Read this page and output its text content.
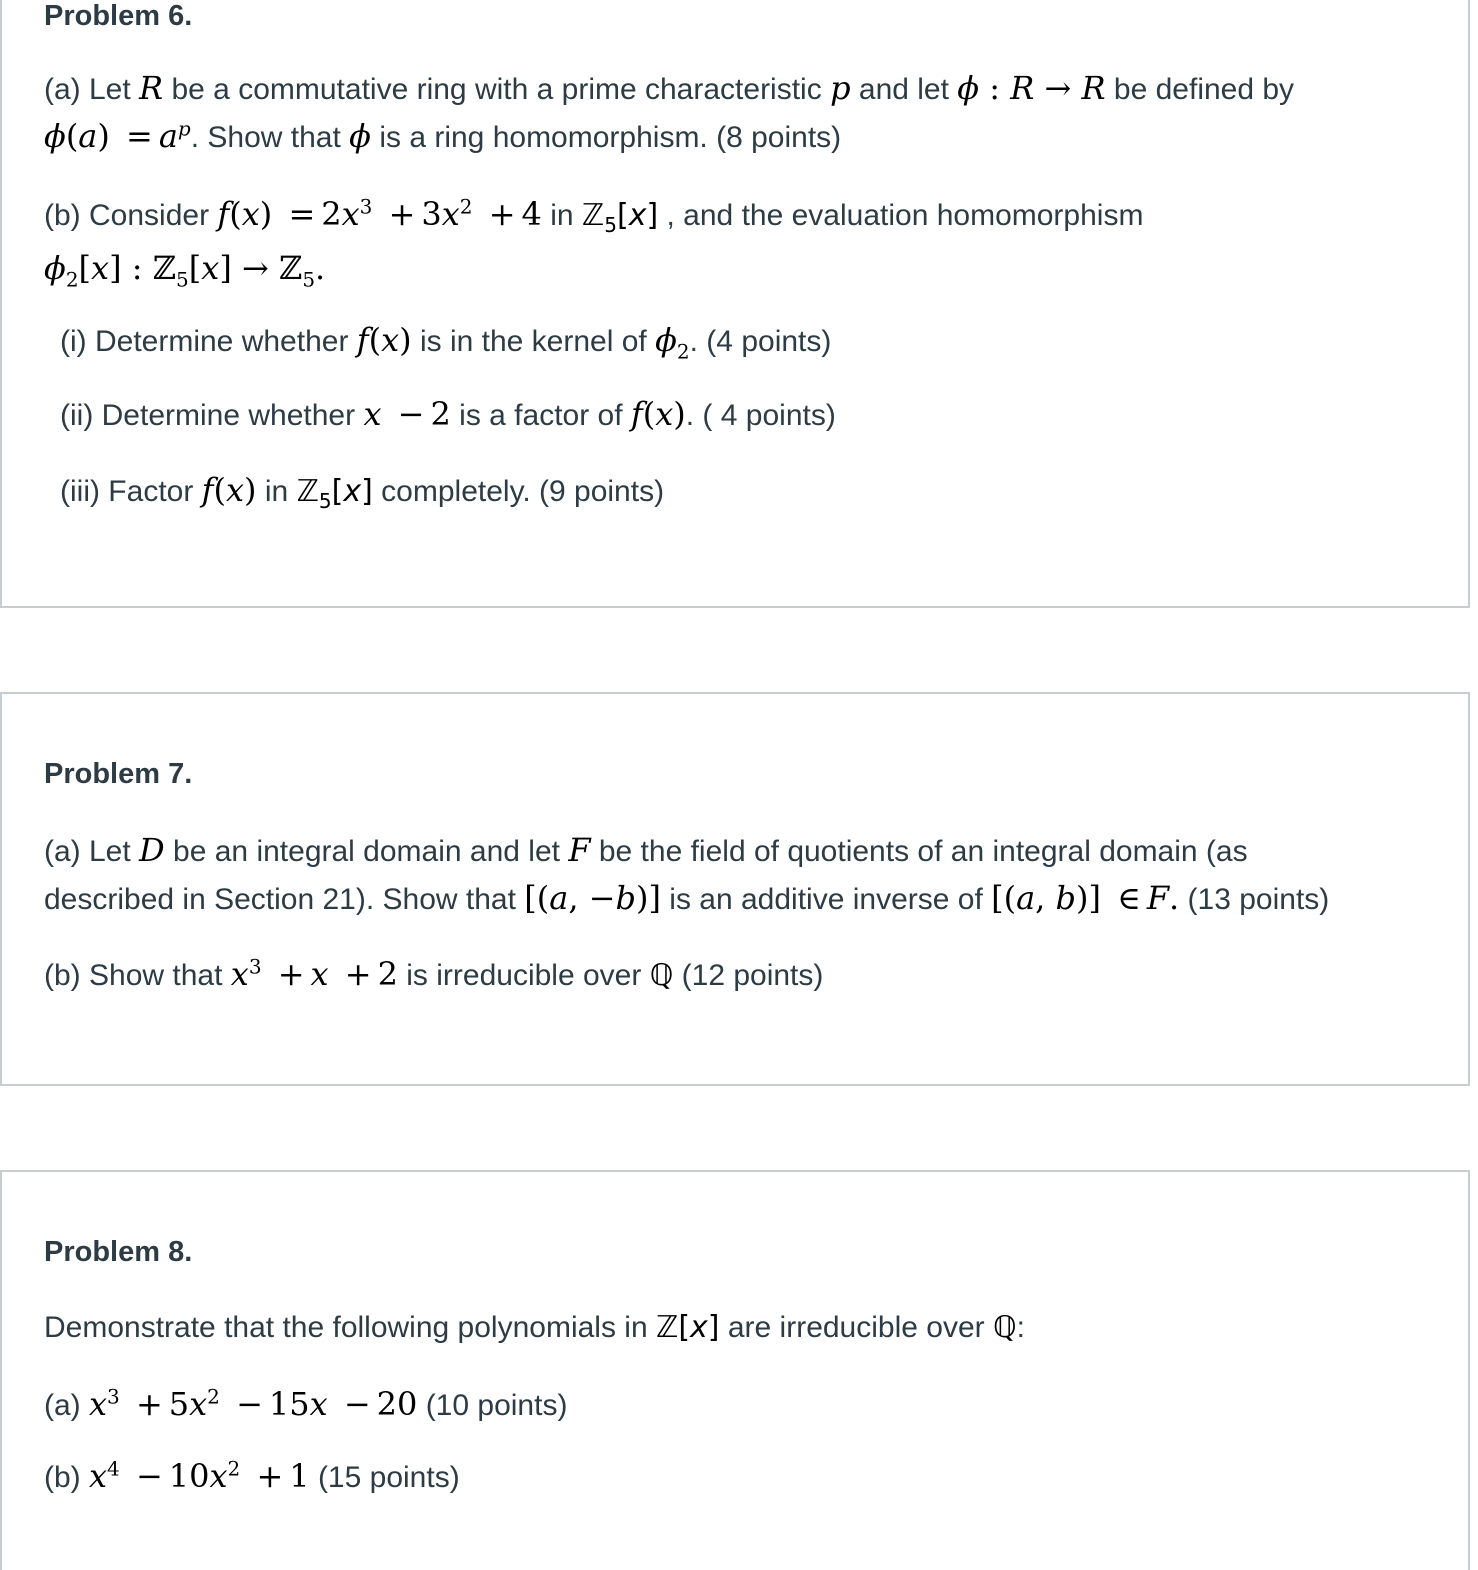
Problem 6.
(a) Let R be a commutative ring with a prime characteristic p and let ϕ : R → R be defined by
$\phi(a) = a^p$. Show that ϕ is a ring homomorphism. (8 points)
(b) Consider $f(x) = 2x^3 + 3x^2 + 4$ in ℤ$_5$[x] , and the evaluation homomorphism
$\phi_2[x]$ : ℤ$_5$[x] → ℤ$_5$.
(i) Determine whether f(x) is in the kernel of $\phi_2$. (4 points)
(ii) Determine whether x − 2 is a factor of f(x). ( 4 points)
(iii) Factor f(x) in ℤ$_5$[x] completely. (9 points)
Problem 7.
(a) Let D be an integral domain and let F be the field of quotients of an integral domain (as
described in Section 21). Show that [(a, −b)] is an additive inverse of [(a, b)] ∈ F. (13 points)
(b) Show that $x^3 + x + 2$ is irreducible over ℚ (12 points)
Problem 8.
Demonstrate that the following polynomials in ℤ[x] are irreducible over ℚ:
(a) $x^3 + 5x^2 - 15x - 20$ (10 points)
(b) $x^4 - 10x^2 + 1$ (15 points)
